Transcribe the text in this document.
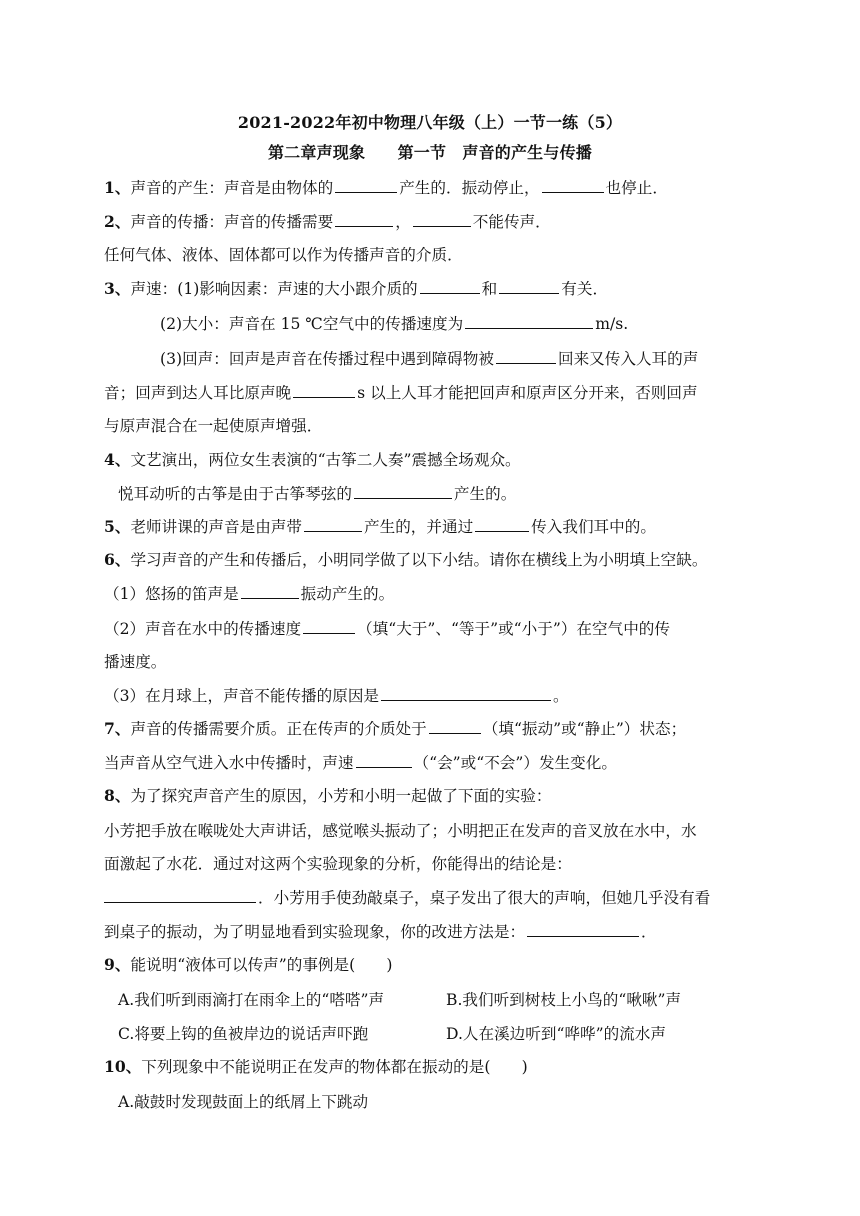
2021-2022年初中物理八年级（上）一节一练（5）
第二章声现象　　第一节　声音的产生与传播
1、声音的产生：声音是由物体的	产生的．振动停止，	也停止．
2、声音的传播：声音的传播需要	，	不能传声．
任何气体、液体、固体都可以作为传播声音的介质．
3、声速：(1)影响因素：声速的大小跟介质的	和	有关．
(2)大小：声音在 15 ℃空气中的传播速度为	m/s.
(3)回声：回声是声音在传播过程中遇到障碍物被	回来又传入人耳的声
音；回声到达人耳比原声晚	s 以上人耳才能把回声和原声区分开来，否则回声
与原声混合在一起使原声增强．
4、文艺演出，两位女生表演的“古筝二人奏”震撼全场观众。
悦耳动听的古筝是由于古筝琴弦的	产生的。
5、老师讲课的声音是由声带	产生的，并通过	传入我们耳中的。
6、学习声音的产生和传播后，小明同学做了以下小结。请你在横线上为小明填上空缺。
（1）悠扬的笛声是	振动产生的。
（2）声音在水中的传播速度	（填“大于”、“等于”或“小于”）在空气中的传
播速度。
（3）在月球上，声音不能传播的原因是	。
7、声音的传播需要介质。正在传声的介质处于	（填“振动”或“静止”）状态；
当声音从空气进入水中传播时，声速	（“会”或“不会”）发生变化。
8、为了探究声音产生的原因，小芳和小明一起做了下面的实验：
小芳把手放在喉咙处大声讲话，感觉喉头振动了；小明把正在发声的音叉放在水中，水
面激起了水花．通过对这两个实验现象的分析，你能得出的结论是：
．小芳用手使劲敲桌子，桌子发出了很大的声响，但她几乎没有看
到桌子的振动，为了明显地看到实验现象，你的改进方法是：	．
9、能说明“液体可以传声”的事例是(　　)
A.我们听到雨滴打在雨伞上的“嗒嗒”声	B.我们听到树枝上小鸟的“啾啾”声
C.将要上钩的鱼被岸边的说话声吓跑	D.人在溪边听到“哗哗”的流水声
10、下列现象中不能说明正在发声的物体都在振动的是(　　)
A.敲鼓时发现鼓面上的纸屑上下跳动
